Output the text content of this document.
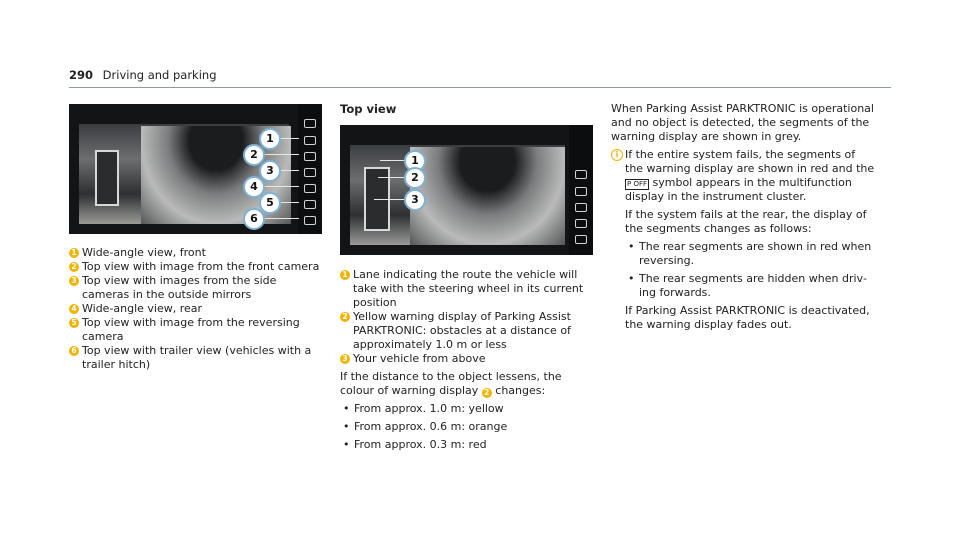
290 Driving and parking
1
2
3
4
5
6
1 Wide-angle view, front
2 Top view with image from the front camera
3 Top view with images from the side cameras in the outside mirrors
4 Wide-angle view, rear
5 Top view with image from the reversing camera
6 Top view with trailer view (vehicles with a trailer hitch)
Top view
1
2
3
1 Lane indicating the route the vehicle will take with the steering wheel in its current position
2 Yellow warning display of Parking Assist PARKTRONIC: obstacles at a distance of approximately 1.0 m or less
3 Your vehicle from above
If the distance to the object lessens, the colour of warning display 2 changes:
• From approx. 1.0 m: yellow
• From approx. 0.6 m: orange
• From approx. 0.3 m: red
When Parking Assist PARKTRONIC is operational and no object is detected, the segments of the warning display are shown in grey.
i If the entire system fails, the segments of the warning display are shown in red and the P OFF symbol appears in the multifunction display in the instrument cluster.
If the system fails at the rear, the display of the segments changes as follows:
• The rear segments are shown in red when reversing.
• The rear segments are hidden when driving forwards.
If Parking Assist PARKTRONIC is deactivated, the warning display fades out.
